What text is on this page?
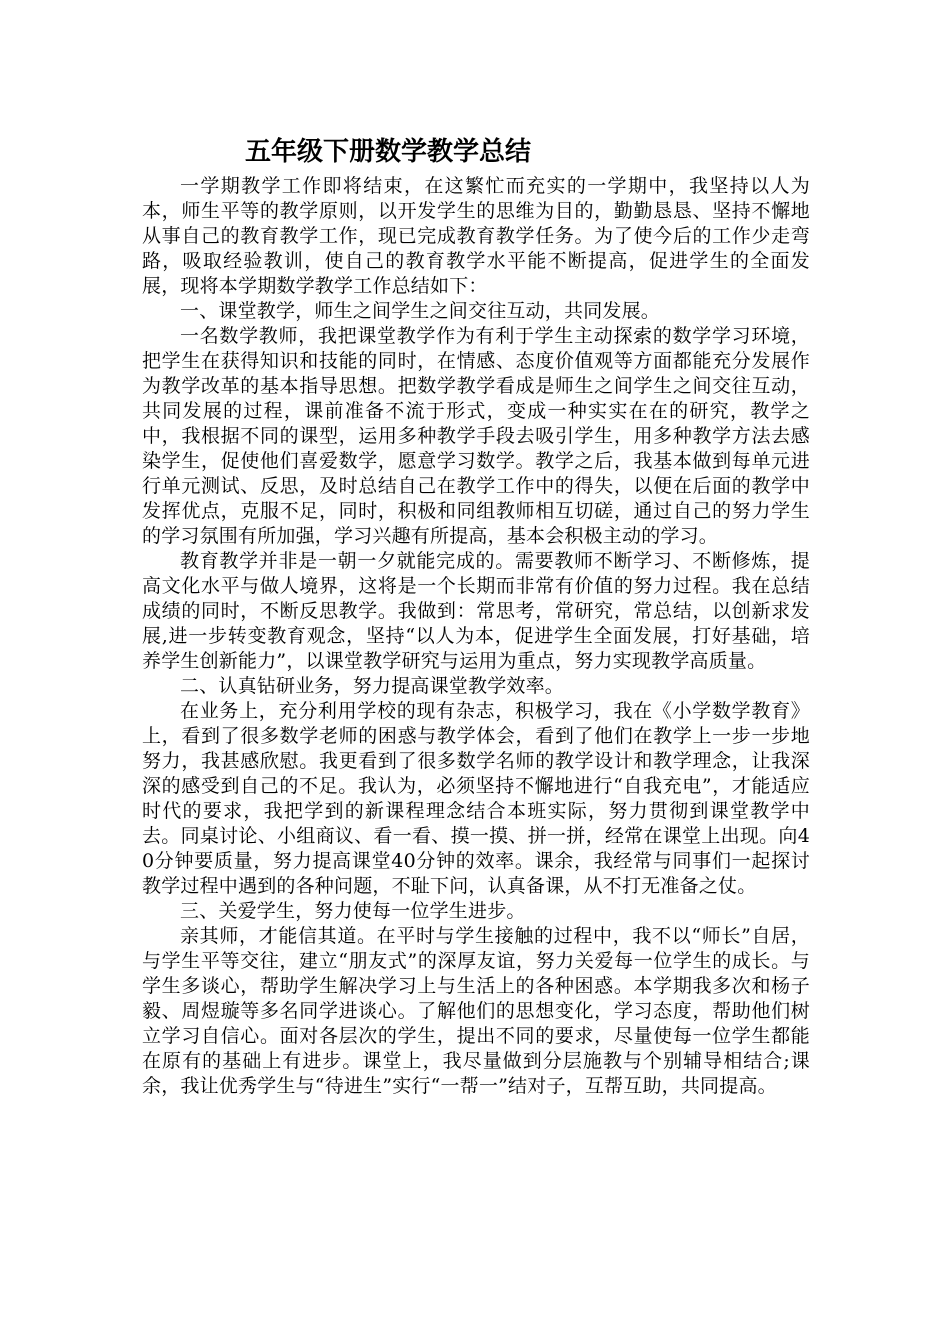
五年级下册数学教学总结

一学期教学工作即将结束，在这繁忙而充实的一学期中，我坚持以人为本，师生平等的教学原则，以开发学生的思维为目的，勤勤恳恳、坚持不懈地从事自己的教育教学工作，现已完成教育教学任务。为了使今后的工作少走弯路，吸取经验教训，使自己的教育教学水平能不断提高，促进学生的全面发展，现将本学期数学教学工作总结如下：

一、课堂教学，师生之间学生之间交往互动，共同发展。

一名数学教师，我把课堂教学作为有利于学生主动探索的数学学习环境，把学生在获得知识和技能的同时，在情感、态度价值观等方面都能充分发展作为教学改革的基本指导思想。把数学教学看成是师生之间学生之间交往互动，共同发展的过程，课前准备不流于形式，变成一种实实在在的研究，教学之中，我根据不同的课型，运用多种教学手段去吸引学生，用多种教学方法去感染学生，促使他们喜爱数学，愿意学习数学。教学之后，我基本做到每单元进行单元测试、反思，及时总结自己在教学工作中的得失，以便在后面的教学中发挥优点，克服不足，同时，积极和同组教师相互切磋，通过自己的努力学生的学习氛围有所加强，学习兴趣有所提高，基本会积极主动的学习。

教育教学并非是一朝一夕就能完成的。需要教师不断学习、不断修炼，提高文化水平与做人境界，这将是一个长期而非常有价值的努力过程。我在总结成绩的同时，不断反思教学。我做到：常思考，常研究，常总结，以创新求发展,进一步转变教育观念，坚持“以人为本，促进学生全面发展，打好基础，培养学生创新能力”，以课堂教学研究与运用为重点，努力实现教学高质量。

二、认真钻研业务，努力提高课堂教学效率。

在业务上，充分利用学校的现有杂志，积极学习，我在《小学数学教育》上，看到了很多数学老师的困惑与教学体会，看到了他们在教学上一步一步地努力，我甚感欣慰。我更看到了很多数学名师的教学设计和教学理念，让我深深的感受到自己的不足。我认为，必须坚持不懈地进行“自我充电”，才能适应时代的要求，我把学到的新课程理念结合本班实际，努力贯彻到课堂教学中去。同桌讨论、小组商议、看一看、摸一摸、拼一拼，经常在课堂上出现。向40分钟要质量，努力提高课堂40分钟的效率。课余，我经常与同事们一起探讨教学过程中遇到的各种问题，不耻下问，认真备课，从不打无准备之仗。

三、关爱学生，努力使每一位学生进步。

亲其师，才能信其道。在平时与学生接触的过程中，我不以“师长”自居，与学生平等交往，建立“朋友式”的深厚友谊，努力关爱每一位学生的成长。与学生多谈心，帮助学生解决学习上与生活上的各种困惑。本学期我多次和杨子毅、周煜璇等多名同学进谈心。了解他们的思想变化，学习态度，帮助他们树立学习自信心。面对各层次的学生，提出不同的要求，尽量使每一位学生都能在原有的基础上有进步。课堂上，我尽量做到分层施教与个别辅导相结合;课余，我让优秀学生与“待进生”实行“一帮一”结对子，互帮互助，共同提高。
